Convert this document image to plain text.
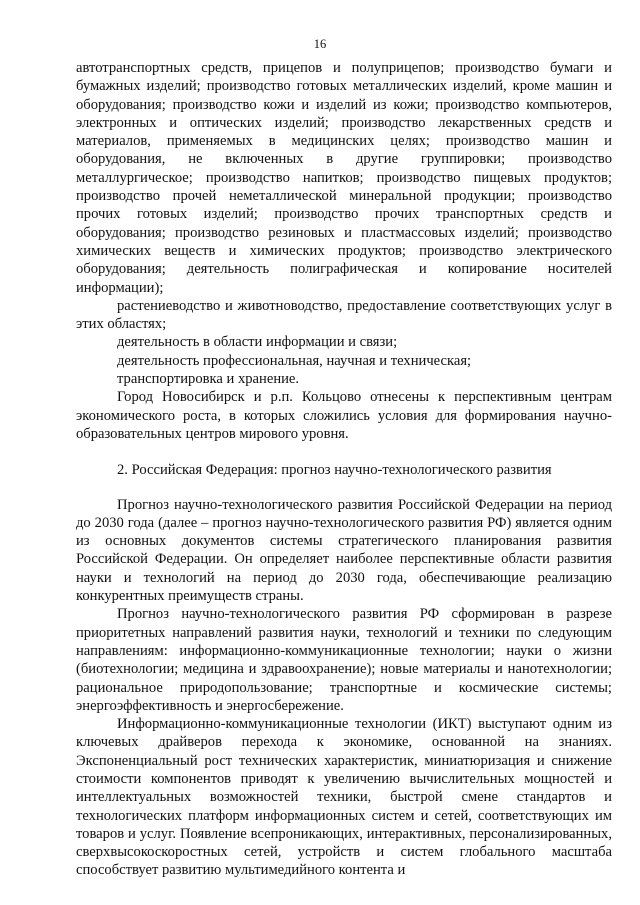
16

автотранспортных средств, прицепов и полуприцепов; производство бумаги и бумажных изделий; производство готовых металлических изделий, кроме машин и оборудования; производство кожи и изделий из кожи; производство компьютеров, электронных и оптических изделий; производство лекарственных средств и материалов, применяемых в медицинских целях; производство машин и оборудования, не включенных в другие группировки; производство металлургическое; производство напитков; производство пищевых продуктов; производство прочей неметаллической минеральной продукции; производство прочих готовых изделий; производство прочих транспортных средств и оборудования; производство резиновых и пластмассовых изделий; производство химических веществ и химических продуктов; производство электрического оборудования; деятельность полиграфическая и копирование носителей информации);

растениеводство и животноводство, предоставление соответствующих услуг в этих областях;

деятельность в области информации и связи;

деятельность профессиональная, научная и техническая;

транспортировка и хранение.

Город Новосибирск и р.п. Кольцово отнесены к перспективным центрам экономического роста, в которых сложились условия для формирования научно-образовательных центров мирового уровня.

2. Российская Федерация: прогноз научно-технологического развития

Прогноз научно-технологического развития Российской Федерации на период до 2030 года (далее – прогноз научно-технологического развития РФ) является одним из основных документов системы стратегического планирования развития Российской Федерации. Он определяет наиболее перспективные области развития науки и технологий на период до 2030 года, обеспечивающие реализацию конкурентных преимуществ страны.

Прогноз научно-технологического развития РФ сформирован в разрезе приоритетных направлений развития науки, технологий и техники по следующим направлениям: информационно-коммуникационные технологии; науки о жизни (биотехнологии; медицина и здравоохранение); новые материалы и нанотехнологии; рациональное природопользование; транспортные и космические системы; энергоэффективность и энергосбережение.

Информационно-коммуникационные технологии (ИКТ) выступают одним из ключевых драйверов перехода к экономике, основанной на знаниях. Экспоненциальный рост технических характеристик, миниатюризация и снижение стоимости компонентов приводят к увеличению вычислительных мощностей и интеллектуальных возможностей техники, быстрой смене стандартов и технологических платформ информационных систем и сетей, соответствующих им товаров и услуг. Появление всепроникающих, интерактивных, персонализированных, сверхвысокоскоростных сетей, устройств и систем глобального масштаба способствует развитию мультимедийного контента и
